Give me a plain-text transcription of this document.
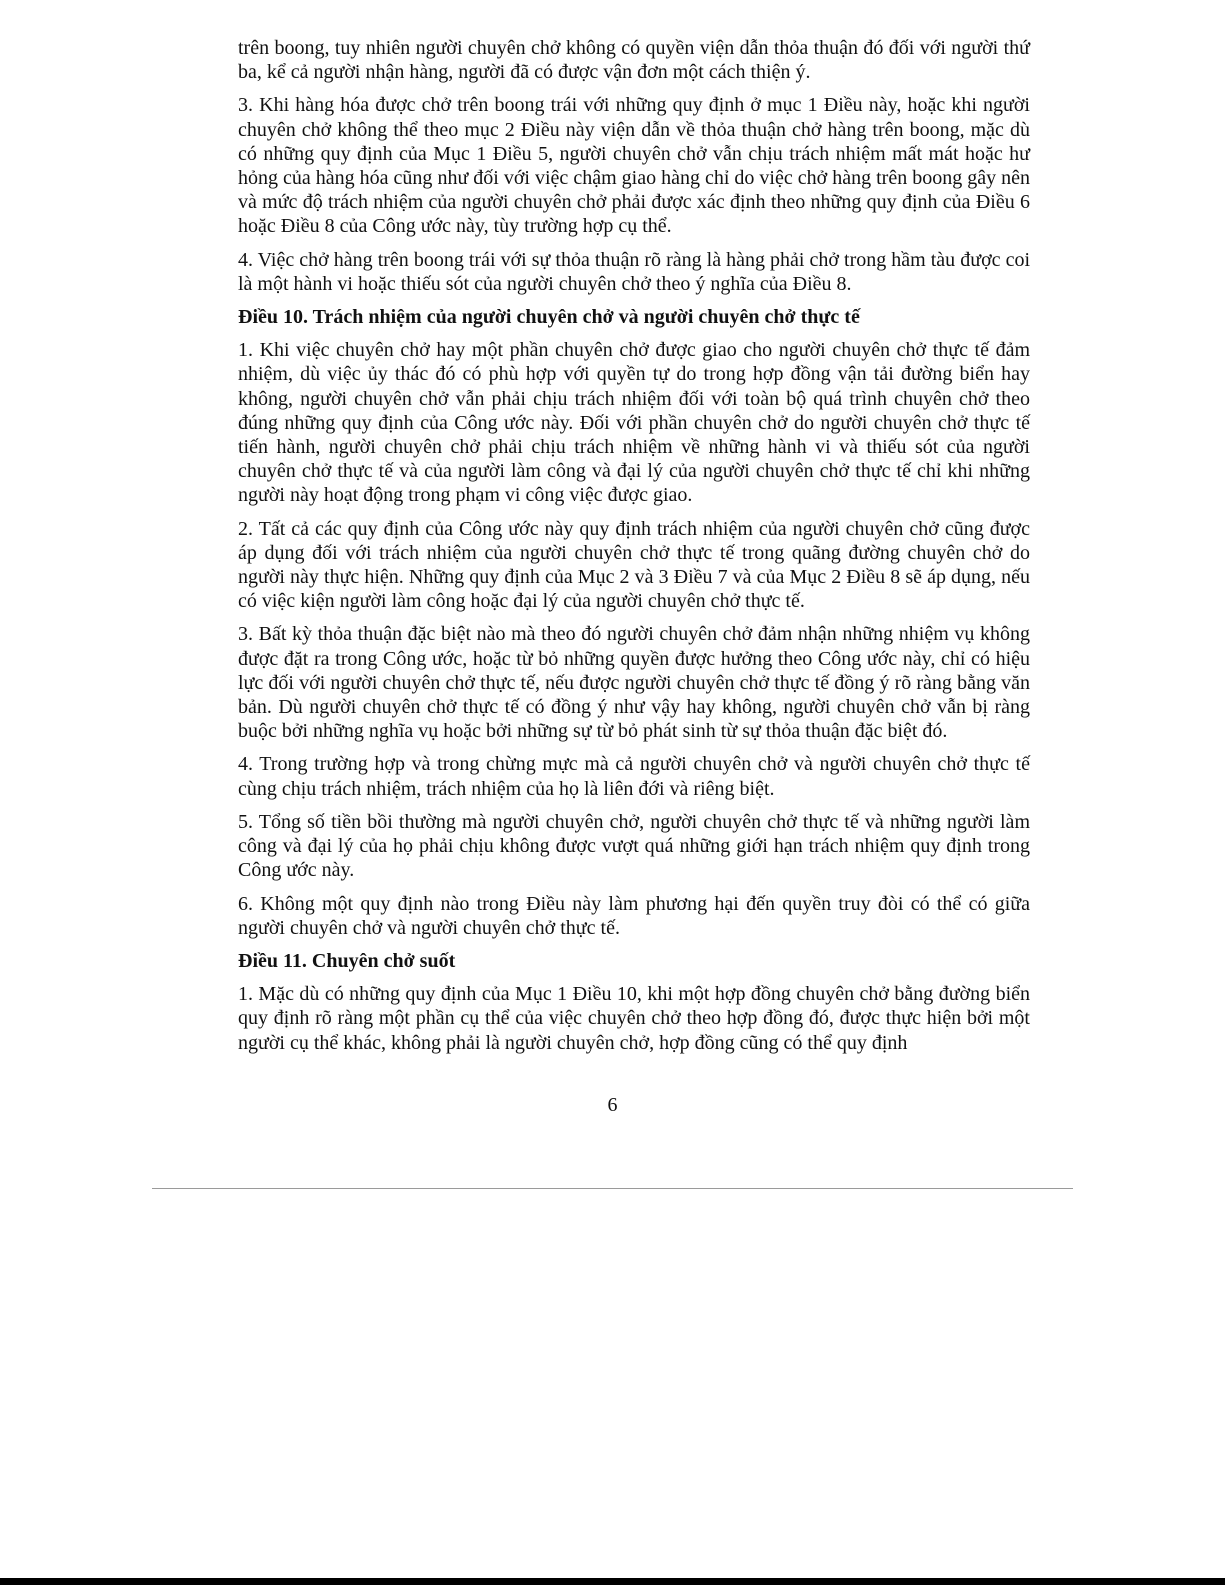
trên boong, tuy nhiên người chuyên chở không có quyền viện dẫn thỏa thuận đó đối với người thứ ba, kể cả người nhận hàng, người đã có được vận đơn một cách thiện ý.

3. Khi hàng hóa được chở trên boong trái với những quy định ở mục 1 Điều này, hoặc khi người chuyên chở không thể theo mục 2 Điều này viện dẫn về thỏa thuận chở hàng trên boong, mặc dù có những quy định của Mục 1 Điều 5, người chuyên chở vẫn chịu trách nhiệm mất mát hoặc hư hỏng của hàng hóa cũng như đối với việc chậm giao hàng chỉ do việc chở hàng trên boong gây nên và mức độ trách nhiệm của người chuyên chở phải được xác định theo những quy định của Điều 6 hoặc Điều 8 của Công ước này, tùy trường hợp cụ thể.

4. Việc chở hàng trên boong trái với sự thỏa thuận rõ ràng là hàng phải chở trong hầm tàu được coi là một hành vi hoặc thiếu sót của người chuyên chở theo ý nghĩa của Điều 8.

Điều 10. Trách nhiệm của người chuyên chở và người chuyên chở thực tế

1. Khi việc chuyên chở hay một phần chuyên chở được giao cho người chuyên chở thực tế đảm nhiệm, dù việc ủy thác đó có phù hợp với quyền tự do trong hợp đồng vận tải đường biển hay không, người chuyên chở vẫn phải chịu trách nhiệm đối với toàn bộ quá trình chuyên chở theo đúng những quy định của Công ước này. Đối với phần chuyên chở do người chuyên chở thực tế tiến hành, người chuyên chở phải chịu trách nhiệm về những hành vi và thiếu sót của người chuyên chở thực tế và của người làm công và đại lý của người chuyên chở thực tế chỉ khi những người này hoạt động trong phạm vi công việc được giao.

2. Tất cả các quy định của Công ước này quy định trách nhiệm của người chuyên chở cũng được áp dụng đối với trách nhiệm của người chuyên chở thực tế trong quãng đường chuyên chở do người này thực hiện. Những quy định của Mục 2 và 3 Điều 7 và của Mục 2 Điều 8 sẽ áp dụng, nếu có việc kiện người làm công hoặc đại lý của người chuyên chở thực tế.

3. Bất kỳ thỏa thuận đặc biệt nào mà theo đó người chuyên chở đảm nhận những nhiệm vụ không được đặt ra trong Công ước, hoặc từ bỏ những quyền được hưởng theo Công ước này, chỉ có hiệu lực đối với người chuyên chở thực tế, nếu được người chuyên chở thực tế đồng ý rõ ràng bằng văn bản. Dù người chuyên chở thực tế có đồng ý như vậy hay không, người chuyên chở vẫn bị ràng buộc bởi những nghĩa vụ hoặc bởi những sự từ bỏ phát sinh từ sự thỏa thuận đặc biệt đó.

4. Trong trường hợp và trong chừng mực mà cả người chuyên chở và người chuyên chở thực tế cùng chịu trách nhiệm, trách nhiệm của họ là liên đới và riêng biệt.

5. Tổng số tiền bồi thường mà người chuyên chở, người chuyên chở thực tế và những người làm công và đại lý của họ phải chịu không được vượt quá những giới hạn trách nhiệm quy định trong Công ước này.

6. Không một quy định nào trong Điều này làm phương hại đến quyền truy đòi có thể có giữa người chuyên chở và người chuyên chở thực tế.

Điều 11. Chuyên chở suốt

1. Mặc dù có những quy định của Mục 1 Điều 10, khi một hợp đồng chuyên chở bằng đường biển quy định rõ ràng một phần cụ thể của việc chuyên chở theo hợp đồng đó, được thực hiện bởi một người cụ thể khác, không phải là người chuyên chở, hợp đồng cũng có thể quy định

6
